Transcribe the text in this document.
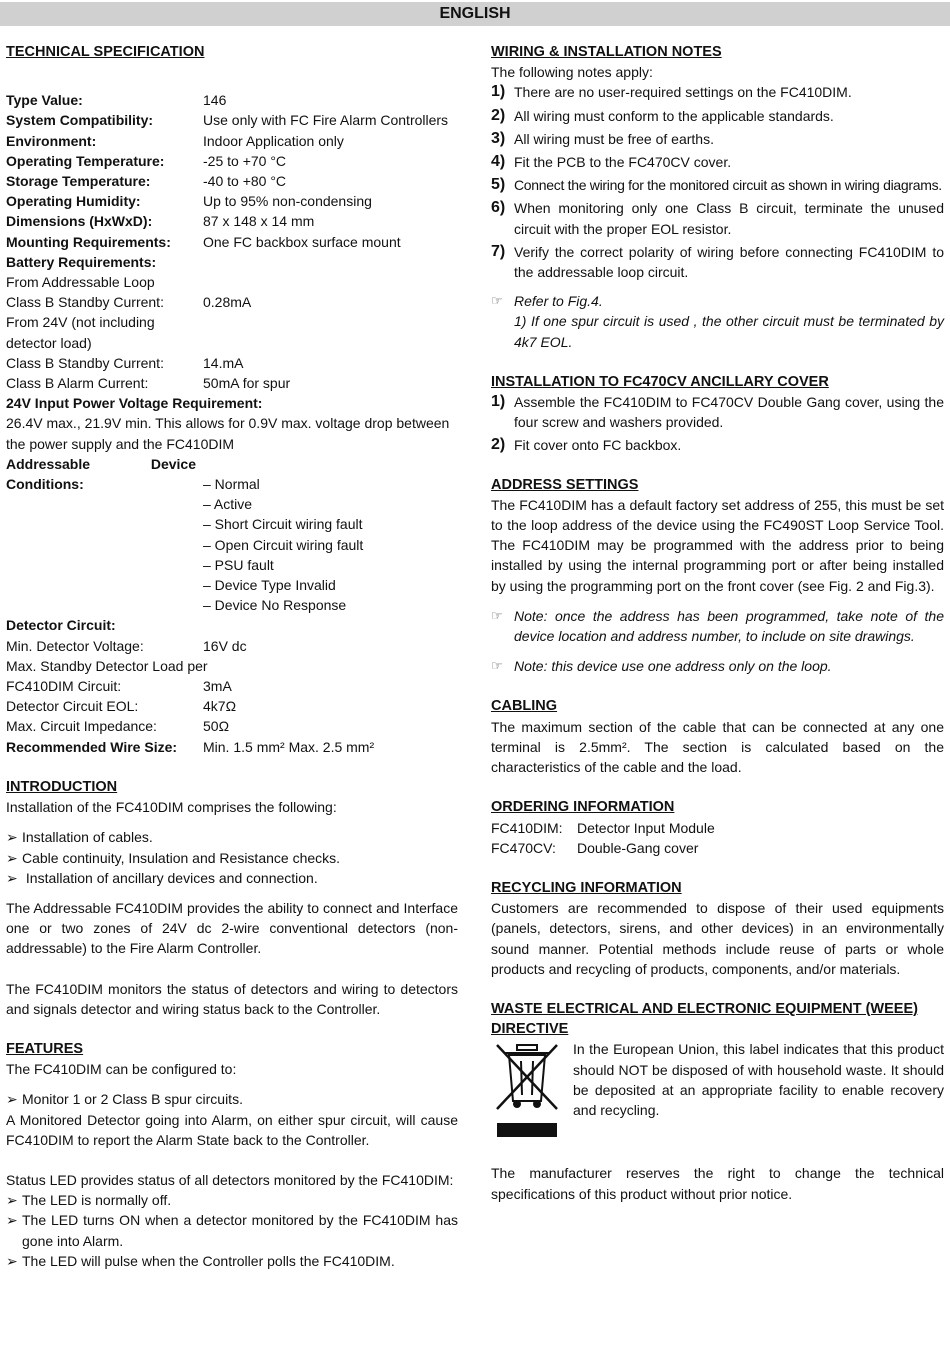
ENGLISH

TECHNICAL SPECIFICATION

Type Value:	146
System Compatibility:	Use only with FC Fire Alarm Controllers
Environment:	Indoor Application only
Operating Temperature:	-25 to +70 °C
Storage Temperature:	-40 to +80 °C
Operating Humidity:	Up to 95% non-condensing
Dimensions (HxWxD):	87 x 148 x 14 mm
Mounting Requirements:	One FC backbox surface mount

Battery Requirements:

From Addressable Loop

Class B Standby Current:	0.28mA

From 24V (not including detector load)

Class B Standby Current:	14.mA
Class B Alarm Current:	50mA for spur

24V Input Power Voltage Requirement:

26.4V max., 21.9V min. This allows for 0.9V max. voltage drop between the power supply and the FC410DIM

Addressable Device Conditions:	– Normal
– Active
– Short Circuit wiring fault
– Open Circuit wiring fault
– PSU fault
– Device Type Invalid
– Device No Response

Detector Circuit:

Min. Detector Voltage:	16V dc

Max. Standby Detector Load per

FC410DIM Circuit:	3mA
Detector Circuit EOL:	4k7Ω
Max. Circuit Impedance:	50Ω
Recommended Wire Size:	Min. 1.5 mm² Max. 2.5 mm²

INTRODUCTION

Installation of the FC410DIM comprises the following:

➢ Installation of cables.
➢ Cable continuity, Insulation and Resistance checks.
➢ Installation of ancillary devices and connection.

The Addressable FC410DIM provides the ability to connect and Interface one or two zones of 24V dc 2-wire conventional detectors (non-addressable) to the Fire Alarm Controller.

The FC410DIM monitors the status of detectors and wiring to detectors and signals detector and wiring status back to the Controller.

FEATURES

The FC410DIM can be configured to:

➢ Monitor 1 or 2 Class B spur circuits.

A Monitored Detector going into Alarm, on either spur circuit, will cause FC410DIM to report the Alarm State back to the Controller.

Status LED provides status of all detectors monitored by the FC410DIM:

➢ The LED is normally off.
➢ The LED turns ON when a detector monitored by the FC410DIM has gone into Alarm.
➢ The LED will pulse when the Controller polls the FC410DIM.

WIRING & INSTALLATION NOTES

The following notes apply:

1) There are no user-required settings on the FC410DIM.
2) All wiring must conform to the applicable standards.
3) All wiring must be free of earths.
4) Fit the PCB to the FC470CV cover.
5) Connect the wiring for the monitored circuit as shown in wiring diagrams.
6) When monitoring only one Class B circuit, terminate the unused circuit with the proper EOL resistor.
7) Verify the correct polarity of wiring before connecting FC410DIM to the addressable loop circuit.
☞ Refer to Fig.4.
1) If one spur circuit is used , the other circuit must be terminated by 4k7 EOL.

INSTALLATION TO FC470CV ANCILLARY COVER

1) Assemble the FC410DIM to FC470CV Double Gang cover, using the four screw and washers provided.
2) Fit cover onto FC backbox.

ADDRESS SETTINGS

The FC410DIM has a default factory set address of 255, this must be set to the loop address of the device using the FC490ST Loop Service Tool. The FC410DIM may be programmed with the address prior to being installed by using the internal programming port or after being installed by using the programming port on the front cover (see Fig. 2 and Fig.3).

☞ Note: once the address has been programmed, take note of the device location and address number, to include on site drawings.
☞ Note: this device use one address only on the loop.

CABLING

The maximum section of the cable that can be connected at any one terminal is 2.5mm². The section is calculated based on the characteristics of the cable and the load.

ORDERING INFORMATION

FC410DIM:	Detector Input Module
FC470CV:	Double-Gang cover

RECYCLING INFORMATION

Customers are recommended to dispose of their used equipments (panels, detectors, sirens, and other devices) in an environmentally sound manner. Potential methods include reuse of parts or whole products and recycling of products, components, and/or materials.

WASTE ELECTRICAL AND ELECTRONIC EQUIPMENT (WEEE)

DIRECTIVE

In the European Union, this label indicates that this product should NOT be disposed of with household waste. It should be deposited at an appropriate facility to enable recovery and recycling.

The manufacturer reserves the right to change the technical specifications of this product without prior notice.
